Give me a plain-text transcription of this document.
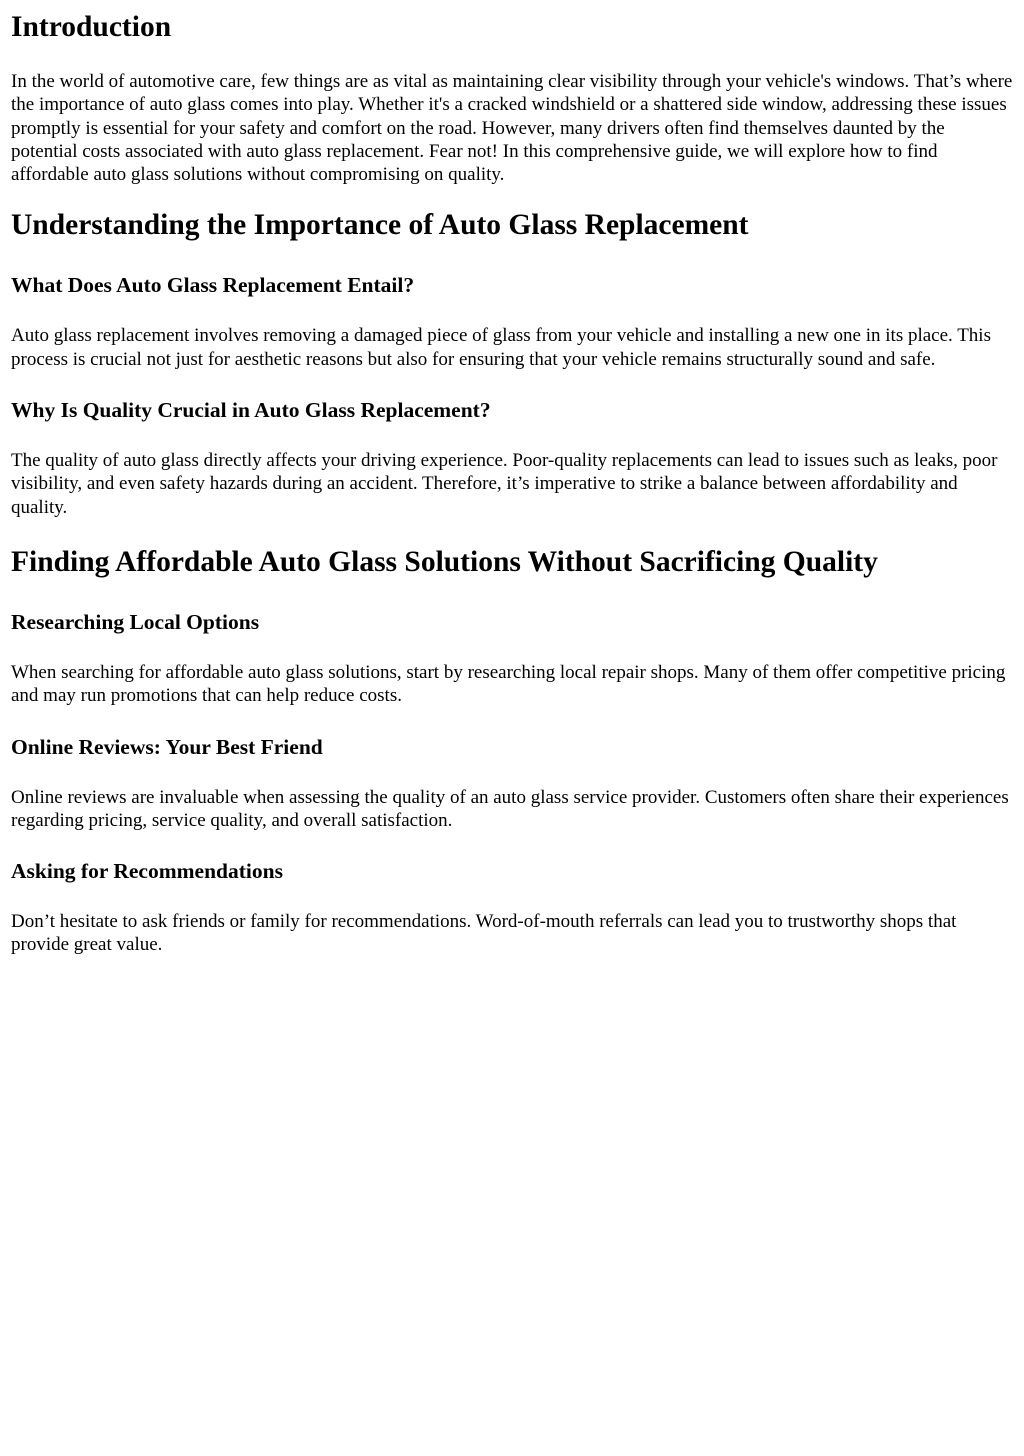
Introduction

In the world of automotive care, few things are as vital as maintaining clear visibility through your vehicle's windows. That’s where the importance of auto glass comes into play. Whether it's a cracked windshield or a shattered side window, addressing these issues promptly is essential for your safety and comfort on the road. However, many drivers often find themselves daunted by the potential costs associated with auto glass replacement. Fear not! In this comprehensive guide, we will explore how to find affordable auto glass solutions without compromising on quality.

Understanding the Importance of Auto Glass Replacement
What Does Auto Glass Replacement Entail?

Auto glass replacement involves removing a damaged piece of glass from your vehicle and installing a new one in its place. This process is crucial not just for aesthetic reasons but also for ensuring that your vehicle remains structurally sound and safe.

Why Is Quality Crucial in Auto Glass Replacement?

The quality of auto glass directly affects your driving experience. Poor-quality replacements can lead to issues such as leaks, poor visibility, and even safety hazards during an accident. Therefore, it’s imperative to strike a balance between affordability and quality.

Finding Affordable Auto Glass Solutions Without Sacrificing Quality
Researching Local Options

When searching for affordable auto glass solutions, start by researching local repair shops. Many of them offer competitive pricing and may run promotions that can help reduce costs.

Online Reviews: Your Best Friend

Online reviews are invaluable when assessing the quality of an auto glass service provider. Customers often share their experiences regarding pricing, service quality, and overall satisfaction.

Asking for Recommendations

Don’t hesitate to ask friends or family for recommendations. Word-of-mouth referrals can lead you to trustworthy shops that provide great value.
